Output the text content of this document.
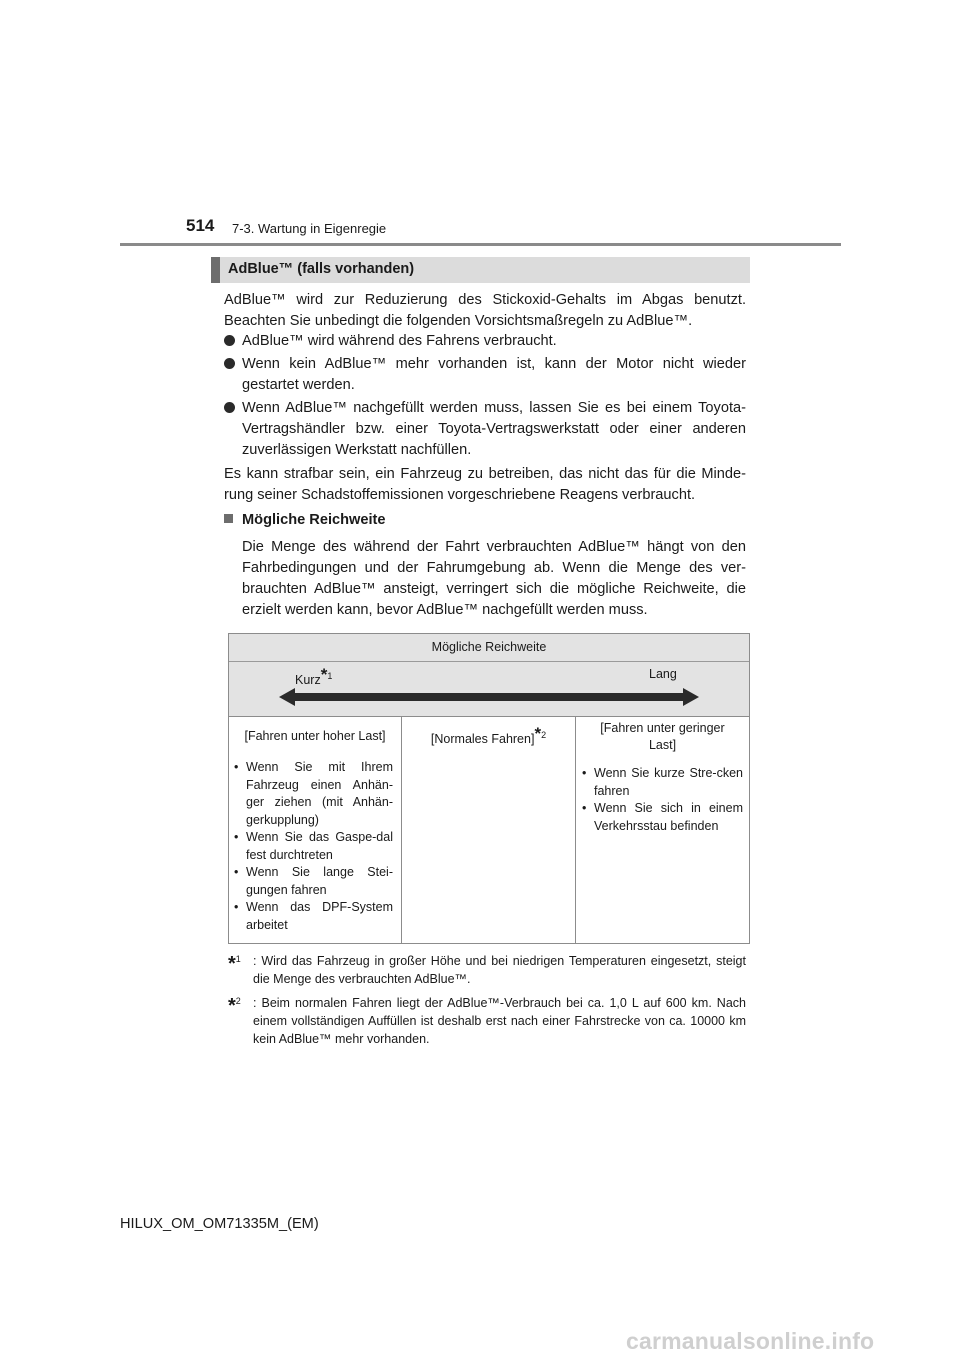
514 7-3. Wartung in Eigenregie
AdBlue™ (falls vorhanden)
AdBlue™ wird zur Reduzierung des Stickoxid-Gehalts im Abgas benutzt. Beachten Sie unbedingt die folgenden Vorsichtsmaßregeln zu AdBlue™.
AdBlue™ wird während des Fahrens verbraucht.
Wenn kein AdBlue™ mehr vorhanden ist, kann der Motor nicht wieder gestartet werden.
Wenn AdBlue™ nachgefüllt werden muss, lassen Sie es bei einem Toyota-Vertragshändler bzw. einer Toyota-Vertragswerkstatt oder einer anderen zuverlässigen Werkstatt nachfüllen.
Es kann strafbar sein, ein Fahrzeug zu betreiben, das nicht das für die Minde-rung seiner Schadstoffemissionen vorgeschriebene Reagens verbraucht.
Mögliche Reichweite
Die Menge des während der Fahrt verbrauchten AdBlue™ hängt von den Fahrbedingungen und der Fahrumgebung ab. Wenn die Menge des ver-brauchten AdBlue™ ansteigt, verringert sich die mögliche Reichweite, die erzielt werden kann, bevor AdBlue™ nachgefüllt werden muss.
Mögliche Reichweite
Kurz*$^1$	Lang
[Fahren unter hoher Last]
• Wenn Sie mit Ihrem Fahrzeug einen Anhän-ger ziehen (mit Anhän-gerkupplung)
• Wenn Sie das Gaspe-dal fest durchtreten
• Wenn Sie lange Stei-gungen fahren
• Wenn das DPF-System arbeitet
[Normales Fahren]*$^2$	[Fahren unter geringer Last]
• Wenn Sie kurze Stre-cken fahren
• Wenn Sie sich in einem Verkehrsstau befinden
*$^1$ : Wird das Fahrzeug in großer Höhe und bei niedrigen Temperaturen eingesetzt, steigt die Menge des verbrauchten AdBlue™.
*$^2$ : Beim normalen Fahren liegt der AdBlue™-Verbrauch bei ca. 1,0 L auf 600 km. Nach einem vollständigen Auffüllen ist deshalb erst nach einer Fahrstrecke von ca. 10000 km kein AdBlue™ mehr vorhanden.
HILUX_OM_OM71335M_(EM)
carmanualsonline.info
